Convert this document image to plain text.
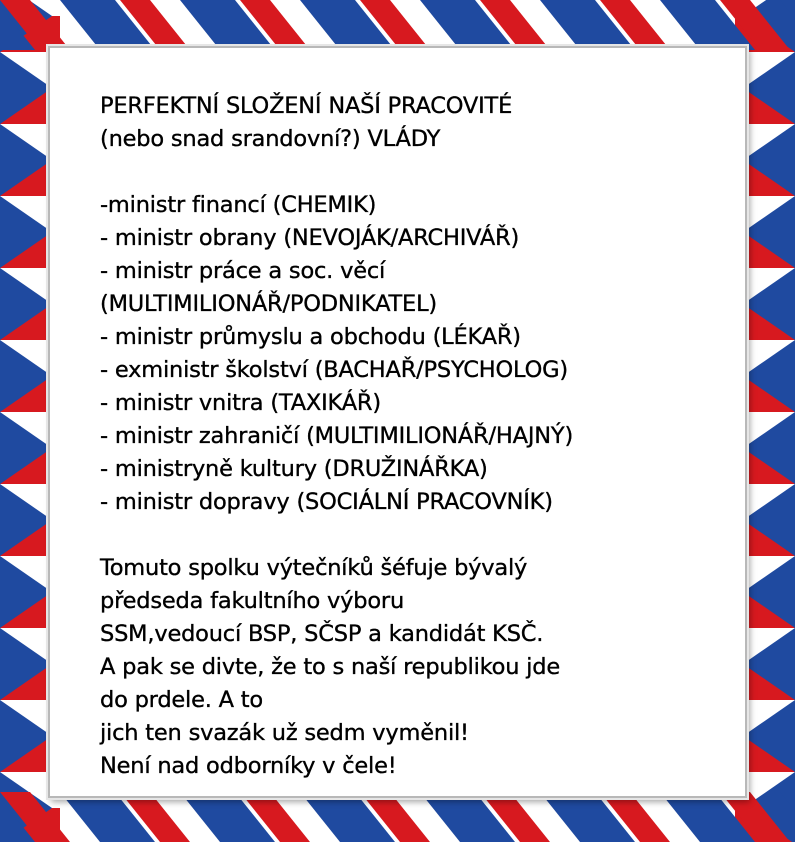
PERFEKTNÍ SLOŽENÍ NAŠÍ PRACOVITÉ
(nebo snad srandovní?) VLÁDY
-ministr financí (CHEMIK)
- ministr obrany (NEVOJÁK/ARCHIVÁŘ)
- ministr práce a soc. věcí
(MULTIMILIONÁŘ/PODNIKATEL)
- ministr průmyslu a obchodu (LÉKAŘ)
- exministr školství (BACHAŘ/PSYCHOLOG)
- ministr vnitra (TAXIKÁŘ)
- ministr zahraničí (MULTIMILIONÁŘ/HAJNÝ)
- ministryně kultury (DRUŽINÁŘKA)
- ministr dopravy (SOCIÁLNÍ PRACOVNÍK)
Tomuto spolku výtečníků šéfuje bývalý
předseda fakultního výboru
SSM,vedoucí BSP, SČSP a kandidát KSČ.
A pak se divte, že to s naší republikou jde
do prdele. A to
jich ten svazák už sedm vyměnil!
Není nad odborníky v čele!
